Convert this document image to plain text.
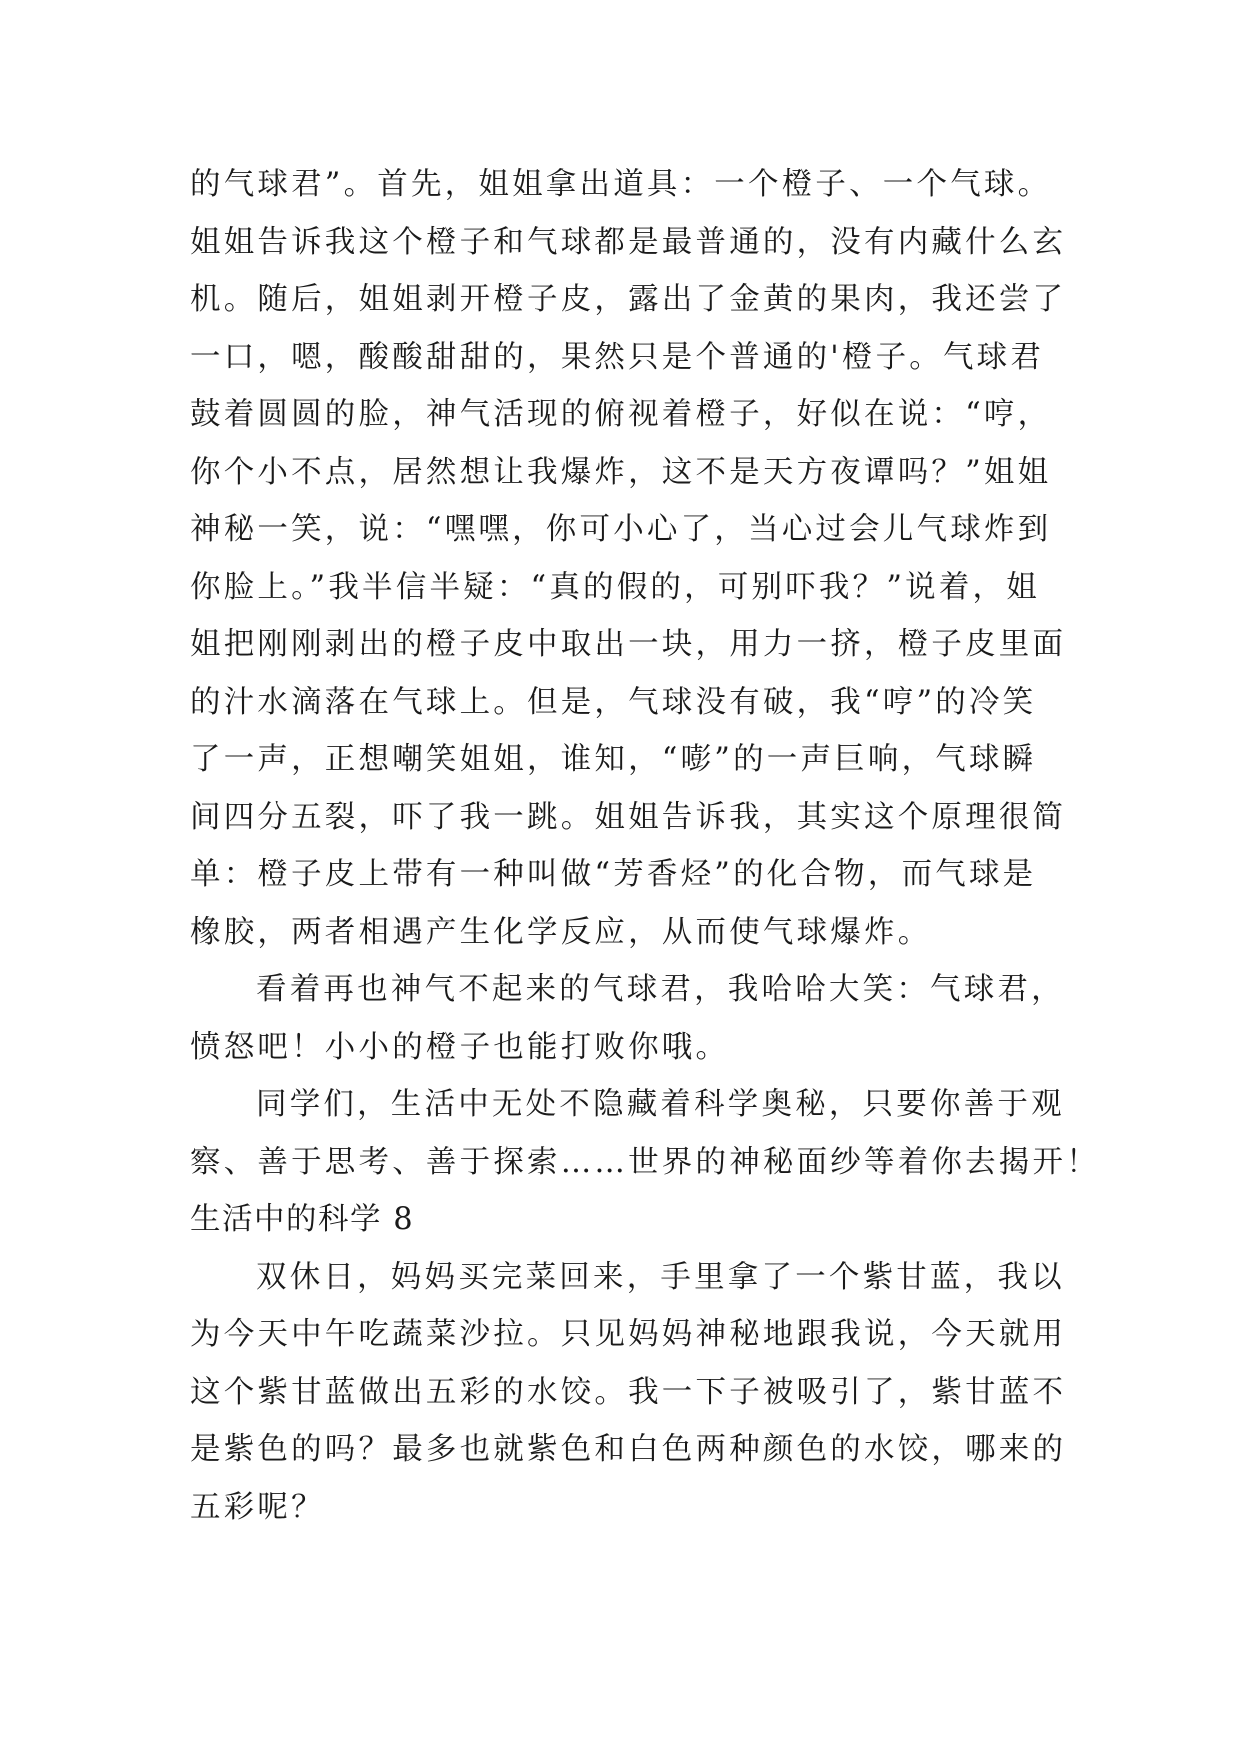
的气球君”。首先，姐姐拿出道具：一个橙子、一个气球。
姐姐告诉我这个橙子和气球都是最普通的，没有内藏什么玄
机。随后，姐姐剥开橙子皮，露出了金黄的果肉，我还尝了
一口，嗯，酸酸甜甜的，果然只是个普通的'橙子。气球君
鼓着圆圆的脸，神气活现的俯视着橙子，好似在说：“哼，
你个小不点，居然想让我爆炸，这不是天方夜谭吗？”姐姐
神秘一笑，说：“嘿嘿，你可小心了，当心过会儿气球炸到
你脸上。”我半信半疑：“真的假的，可别吓我？”说着，姐
姐把刚刚剥出的橙子皮中取出一块，用力一挤，橙子皮里面
的汁水滴落在气球上。但是，气球没有破，我“哼”的冷笑
了一声，正想嘲笑姐姐，谁知，“嘭”的一声巨响，气球瞬
间四分五裂，吓了我一跳。姐姐告诉我，其实这个原理很简
单：橙子皮上带有一种叫做“芳香烃”的化合物，而气球是
橡胶，两者相遇产生化学反应，从而使气球爆炸。
看着再也神气不起来的气球君，我哈哈大笑：气球君，
愤怒吧！小小的橙子也能打败你哦。
同学们，生活中无处不隐藏着科学奥秘，只要你善于观
察、善于思考、善于探索……世界的神秘面纱等着你去揭开！
生活中的科学 8
双休日，妈妈买完菜回来，手里拿了一个紫甘蓝，我以
为今天中午吃蔬菜沙拉。只见妈妈神秘地跟我说，今天就用
这个紫甘蓝做出五彩的水饺。我一下子被吸引了，紫甘蓝不
是紫色的吗？最多也就紫色和白色两种颜色的水饺，哪来的
五彩呢？
